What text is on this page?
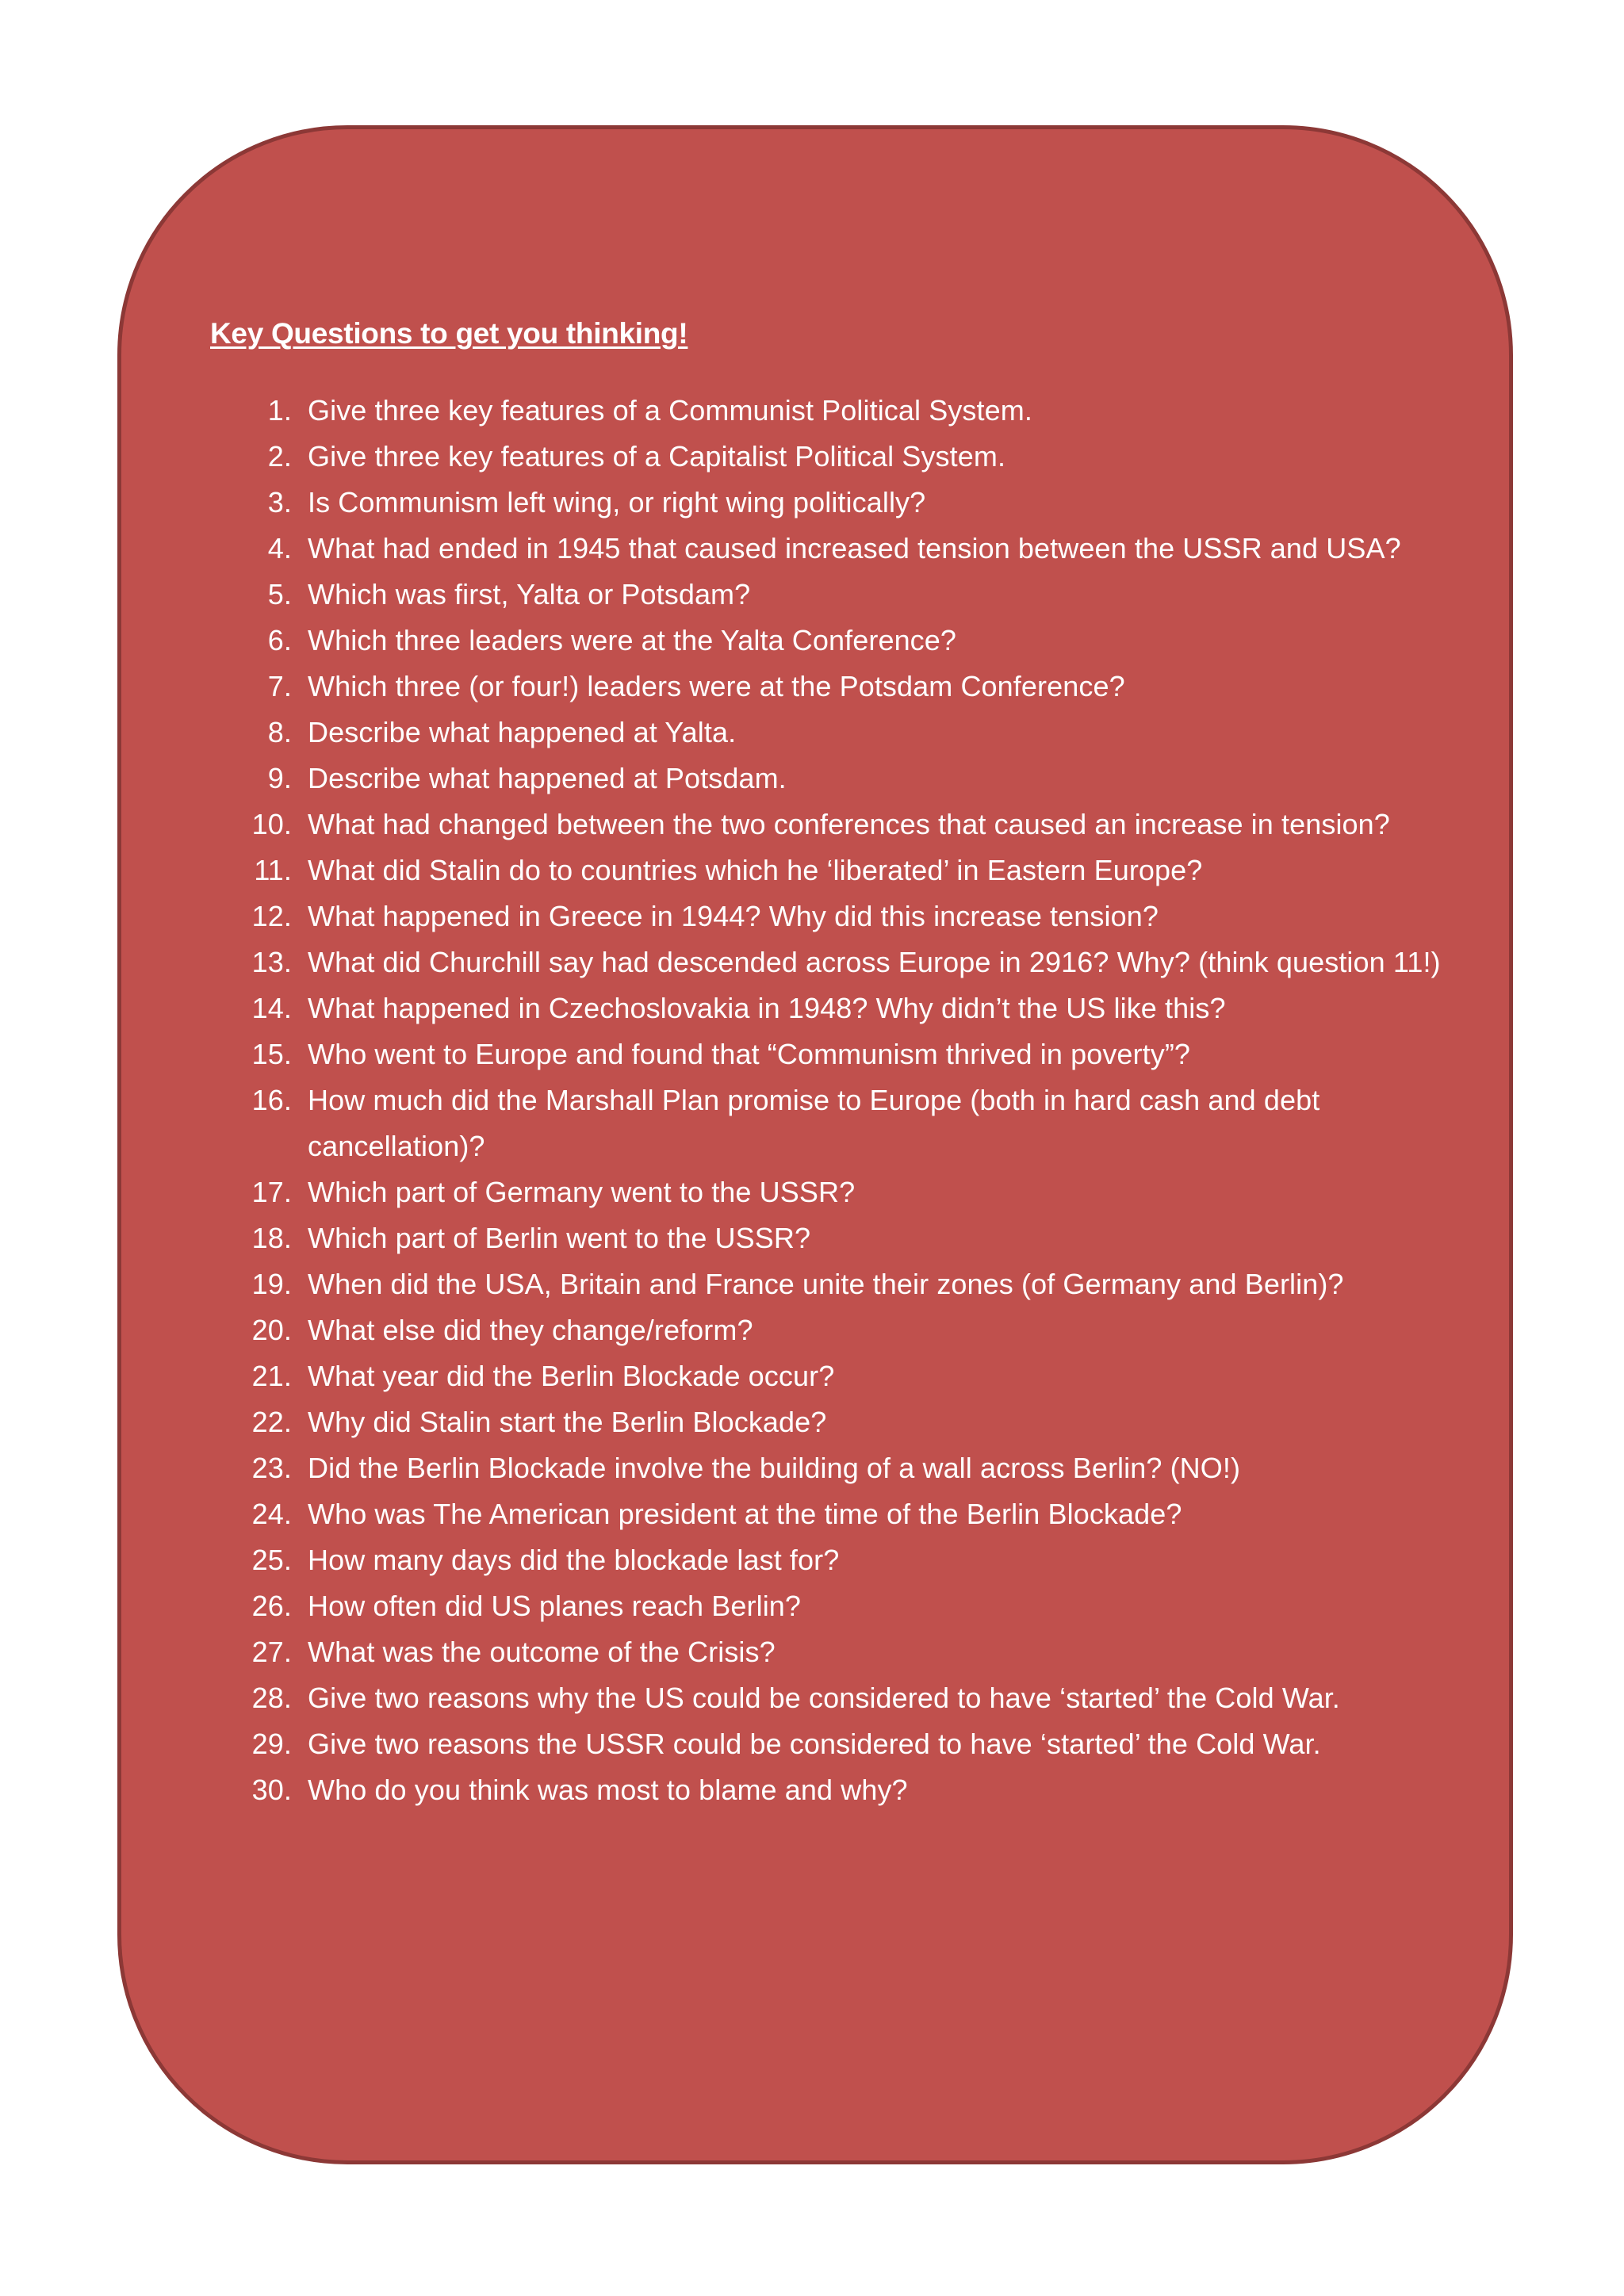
Key Questions to get you thinking!
1. Give three key features of a Communist Political System.
2. Give three key features of a Capitalist Political System.
3. Is Communism left wing, or right wing politically?
4. What had ended in 1945 that caused increased tension between the USSR and USA?
5. Which was first, Yalta or Potsdam?
6. Which three leaders were at the Yalta Conference?
7. Which three (or four!) leaders were at the Potsdam Conference?
8. Describe what happened at Yalta.
9. Describe what happened at Potsdam.
10. What had changed between the two conferences that caused an increase in tension?
11. What did Stalin do to countries which he ‘liberated’ in Eastern Europe?
12. What happened in Greece in 1944? Why did this increase tension?
13. What did Churchill say had descended across Europe in 2916? Why? (think question 11!)
14. What happened in Czechoslovakia in 1948? Why didn’t the US like this?
15. Who went to Europe and found that “Communism thrived in poverty”?
16. How much did the Marshall Plan promise to Europe (both in hard cash and debt cancellation)?
17. Which part of Germany went to the USSR?
18. Which part of Berlin went to the USSR?
19. When did the USA, Britain and France unite their zones (of Germany and Berlin)?
20. What else did they change/reform?
21. What year did the Berlin Blockade occur?
22. Why did Stalin start the Berlin Blockade?
23. Did the Berlin Blockade involve the building of a wall across Berlin? (NO!)
24. Who was The American president at the time of the Berlin Blockade?
25. How many days did the blockade last for?
26. How often did US planes reach Berlin?
27. What was the outcome of the Crisis?
28. Give two reasons why the US could be considered to have ‘started’ the Cold War.
29. Give two reasons the USSR could be considered to have ‘started’ the Cold War.
30. Who do you think was most to blame and why?
